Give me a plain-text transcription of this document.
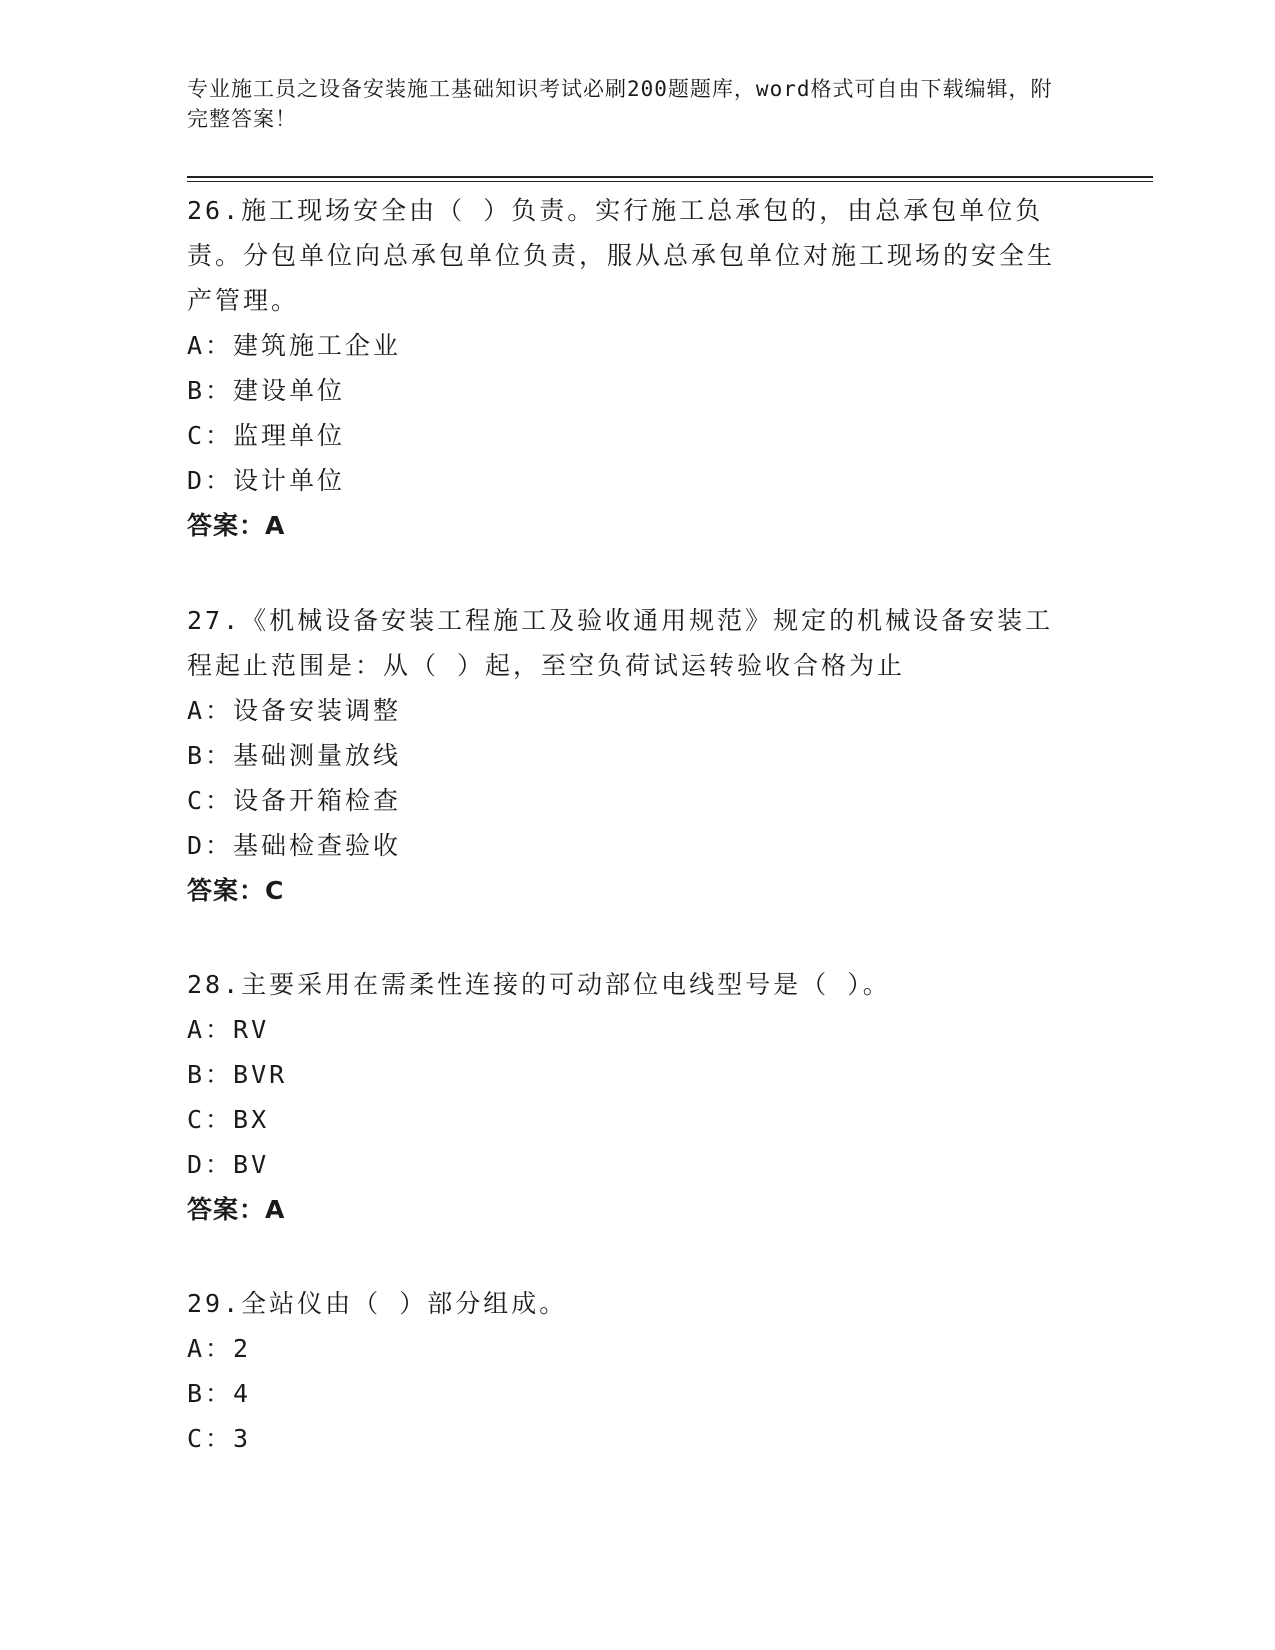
专业施工员之设备安装施工基础知识考试必刷200题题库，word格式可自由下载编辑，附完整答案！

26.施工现场安全由（ ）负责。实行施工总承包的，由总承包单位负责。分包单位向总承包单位负责，服从总承包单位对施工现场的安全生产管理。

A：建筑施工企业

B：建设单位

C：监理单位

D：设计单位

答案：A

27.《机械设备安装工程施工及验收通用规范》规定的机械设备安装工程起止范围是：从（ ）起，至空负荷试运转验收合格为止

A：设备安装调整

B：基础测量放线

C：设备开箱检查

D：基础检查验收

答案：C

28.主要采用在需柔性连接的可动部位电线型号是（ ）。

A：RV

B：BVR

C：BX

D：BV

答案：A

29.全站仪由（ ）部分组成。

A：2

B：4

C：3
